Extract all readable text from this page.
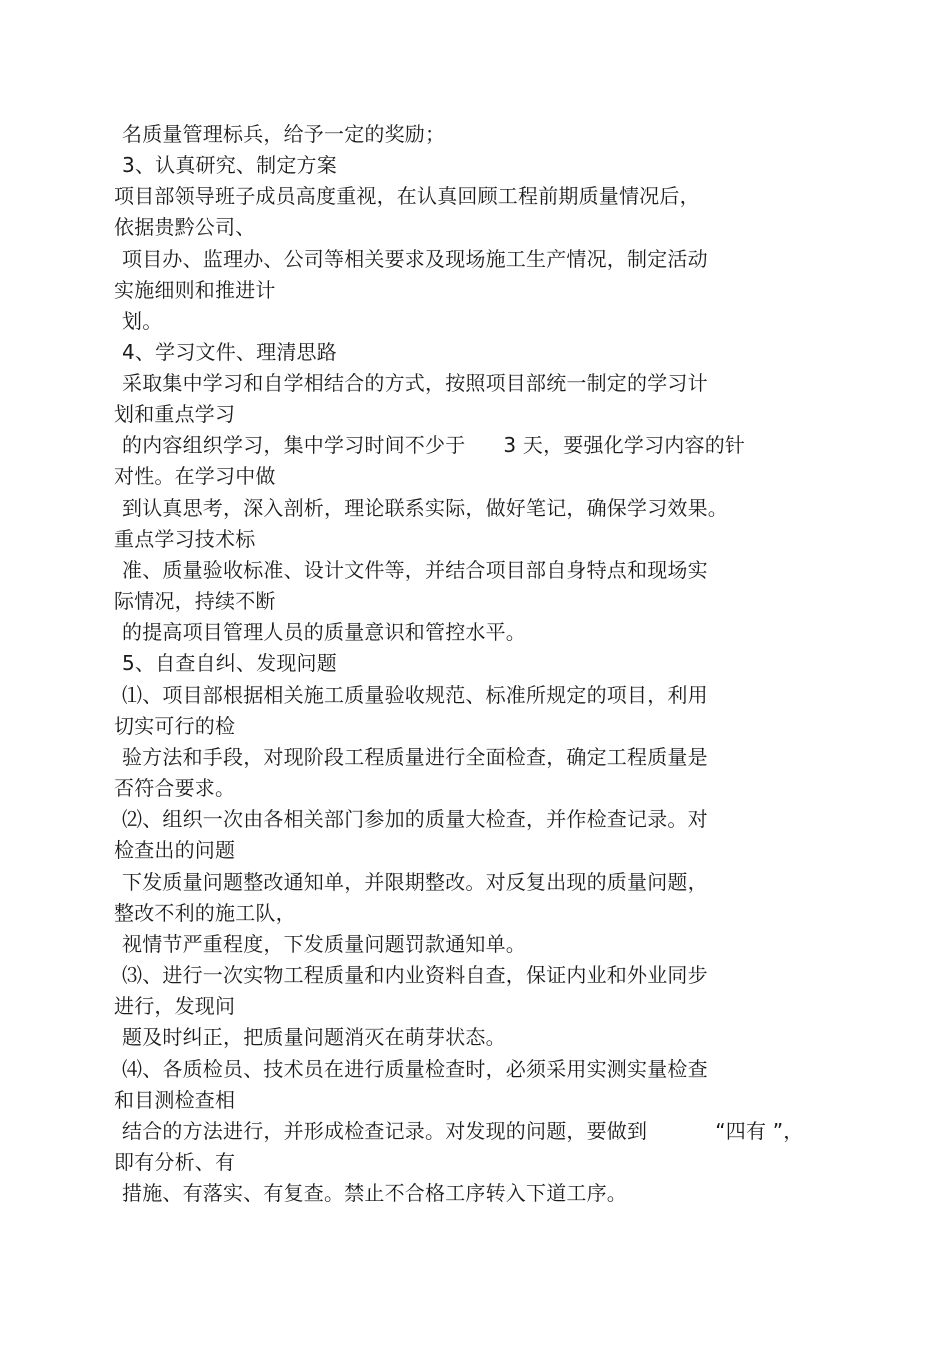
名质量管理标兵，给予一定的奖励；
3、认真研究、制定方案
项目部领导班子成员高度重视，在认真回顾工程前期质量情况后，
依据贵黔公司、
项目办、监理办、公司等相关要求及现场施工生产情况，制定活动
实施细则和推进计
划。
4、学习文件、理清思路
采取集中学习和自学相结合的方式，按照项目部统一制定的学习计
划和重点学习
的内容组织学习，集中学习时间不少于 3 天，要强化学习内容的针
对性。在学习中做
到认真思考，深入剖析，理论联系实际，做好笔记，确保学习效果。
重点学习技术标
准、质量验收标准、设计文件等，并结合项目部自身特点和现场实
际情况，持续不断
的提高项目管理人员的质量意识和管控水平。
5、自查自纠、发现问题
⑴、项目部根据相关施工质量验收规范、标准所规定的项目，利用
切实可行的检
验方法和手段，对现阶段工程质量进行全面检查，确定工程质量是
否符合要求。
⑵、组织一次由各相关部门参加的质量大检查，并作检查记录。对
检查出的问题
下发质量问题整改通知单，并限期整改。对反复出现的质量问题，
整改不利的施工队，
视情节严重程度，下发质量问题罚款通知单。
⑶、进行一次实物工程质量和内业资料自查，保证内业和外业同步
进行，发现问
题及时纠正，把质量问题消灭在萌芽状态。
⑷、各质检员、技术员在进行质量检查时，必须采用实测实量检查
和目测检查相
结合的方法进行，并形成检查记录。对发现的问题，要做到	“四有 ”，
即有分析、有
措施、有落实、有复查。禁止不合格工序转入下道工序。
